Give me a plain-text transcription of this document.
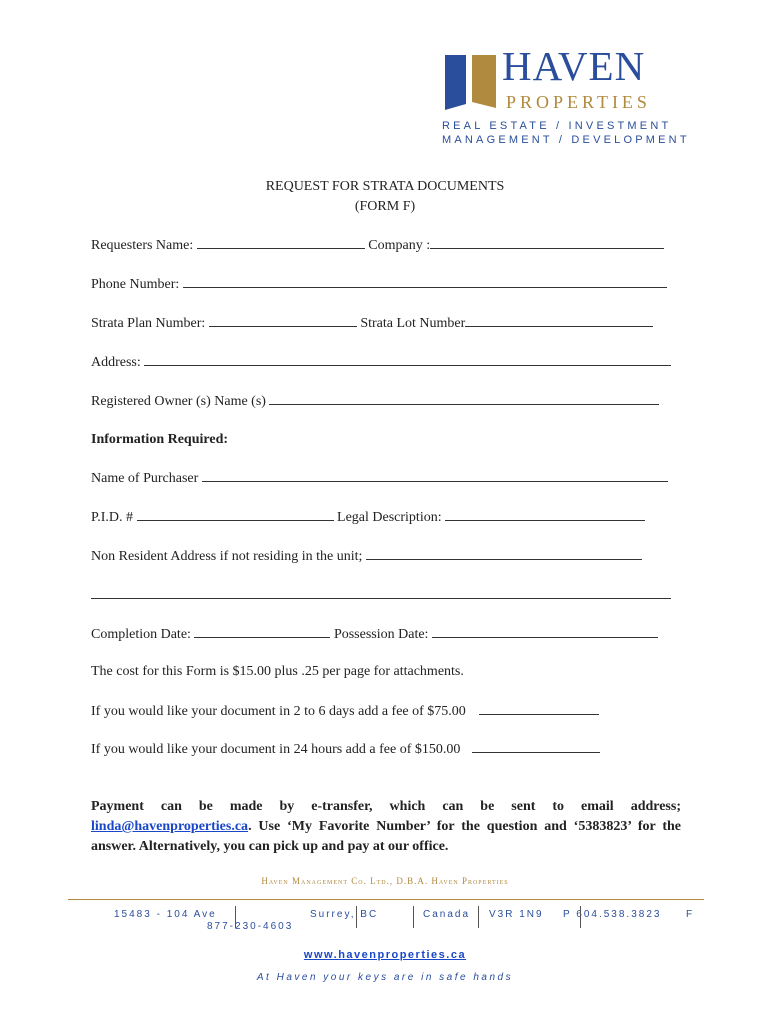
HAVEN
PROPERTIES
REAL ESTATE / INVESTMENT
MANAGEMENT / DEVELOPMENT
REQUEST FOR STRATA DOCUMENTS
(FORM F)
Requesters Name:	Company :
Phone Number:
Strata Plan Number:	Strata Lot Number
Address:
Registered Owner (s) Name (s)
Information Required:
Name of Purchaser
P.I.D. #	Legal Description:
Non Resident Address if not residing in the unit;
Completion Date:	Possession Date:
The cost for this Form is $15.00 plus .25 per page for attachments.
If you would like your document in 2 to 6 days add a fee of $75.00
If you would like your document in 24 hours add a fee of $150.00
Payment can be made by e-transfer, which can be sent to email address; linda@havenproperties.ca. Use ‘My Favorite Number’ for the question and ‘5383823’ for the answer. Alternatively, you can pick up and pay at our office.
Haven Management Co. Ltd., D.B.A. Haven Properties
15483 - 104 Ave
877-230-4603
Surrey, BC	Canada V3R 1N9 P 604.538.3823 F
www.havenproperties.ca
At Haven your keys are in safe hands
